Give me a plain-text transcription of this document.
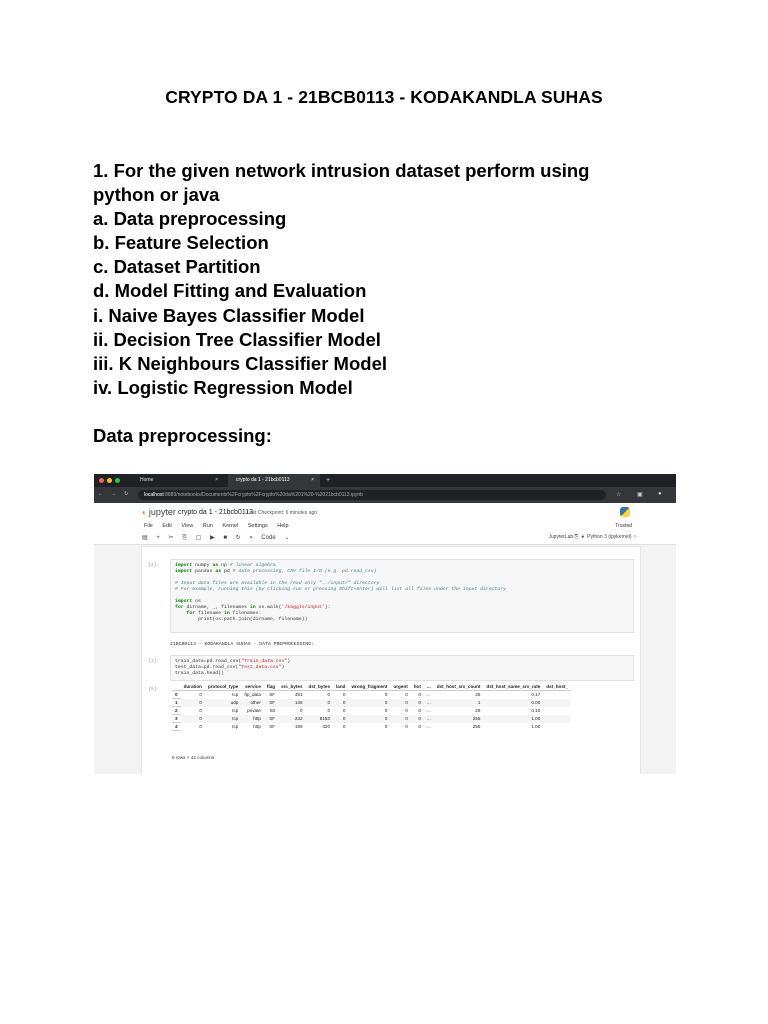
CRYPTO DA 1 - 21BCB0113 - KODAKANDLA SUHAS
1. For the given network intrusion dataset perform using
python or java
a. Data preprocessing
b. Feature Selection
c. Dataset Partition
d. Model Fitting and Evaluation
i. Naive Bayes Classifier Model
ii. Decision Tree Classifier Model
iii. K Neighbours Classifier Model
iv. Logistic Regression Model
Data preprocessing:
Home	×	crypto da 1 - 21bcb0113	× +
← → ↻	localhost:8889/notebooks/Documents%2Fcrypto%2Fcrypto%20da%201%20-%2021bcb0113.ipynb	☆	▣	●
◐ jupyter crypto da 1 - 21bcb0113
Last Checkpoint: 6 minutes ago
File Edit View Run Kernel Settings Help	Trusted
▤ + ✂ ⎘ ▢ ▶ ■ ↻ » Code ⌄	JupyterLab ⎘  ●  Python 3 (ipykernel) ○
[2]:	import numpy as np # linear algebra
import pandas as pd # data processing, CSV file I/O (e.g. pd.read_csv)

# Input data files are available in the read-only "../input/" directory
# For example, running this (by clicking run or pressing Shift+Enter) will list all files under the input directory

import os
for dirname, _, filenames in os.walk('/kaggle/input'):
for filename in filenames:
print(os.path.join(dirname, filename))
21BCB0113 - KODAKANDLA SUHAS - DATA PREPROCESSING:
[3]:	train_data=pd.read_csv("Train_data.csv")
test_data=pd.read_csv("Test_data.csv")
train_data.head()
[5]:
	duration	protocol_type	service	flag	src_bytes	dst_bytes	land	wrong_fragment	urgent	hot	...	dst_host_srv_count	dst_host_same_srv_rate	dst_host_
0	0	tcp	ftp_data	SF	491	0	0	0	0	0	...	25	0.17	
1	0	udp	other	SF	146	0	0	0	0	0	...	1	0.00	
2	0	tcp	private	S0	0	0	0	0	0	0	...	26	0.10	
3	0	tcp	http	SF	232	8153	0	0	0	0	...	255	1.00	
4	0	tcp	http	SF	199	420	0	0	0	0	...	255	1.00	
5 rows × 42 columns
